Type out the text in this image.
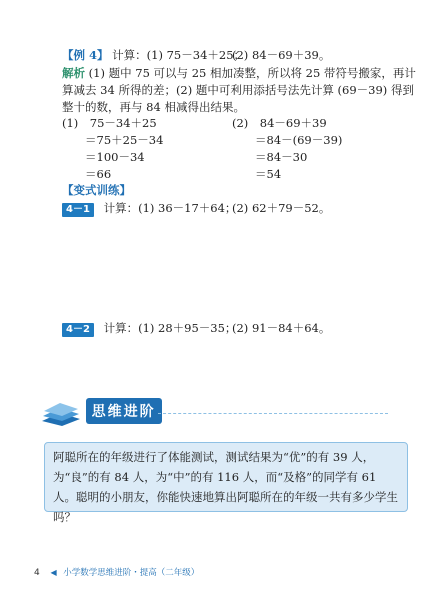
【例 4】 计算：(1) 75－34＋25；
(2) 84－69＋39。
解析 (1) 题中 75 可以与 25 相加凑整，所以将 25 带符号搬家，再计算减去 34 所得的差；(2) 题中可利用添括号法先计算 (69－39) 得到整十的数，再与 84 相减得出结果。
(1)　75－34＋25
＝75＋25－34
＝100－34
＝66
(2)　84－69＋39
＝84－(69－39)
＝84－30
＝54
【变式训练】
4－1 计算：(1) 36－17＋64；
(2) 62＋79－52。
4－2 计算：(1) 28＋95－35；
(2) 91－84＋64。
思维进阶
阿聪所在的年级进行了体能测试，测试结果为“优”的有 39 人，为“良”的有 84 人，为“中”的有 116 人，而“及格”的同学有 61 人。聪明的小朋友，你能快速地算出阿聪所在的年级一共有多少学生吗？
4 ◀ 小学数学思维进阶・提高（二年级）
